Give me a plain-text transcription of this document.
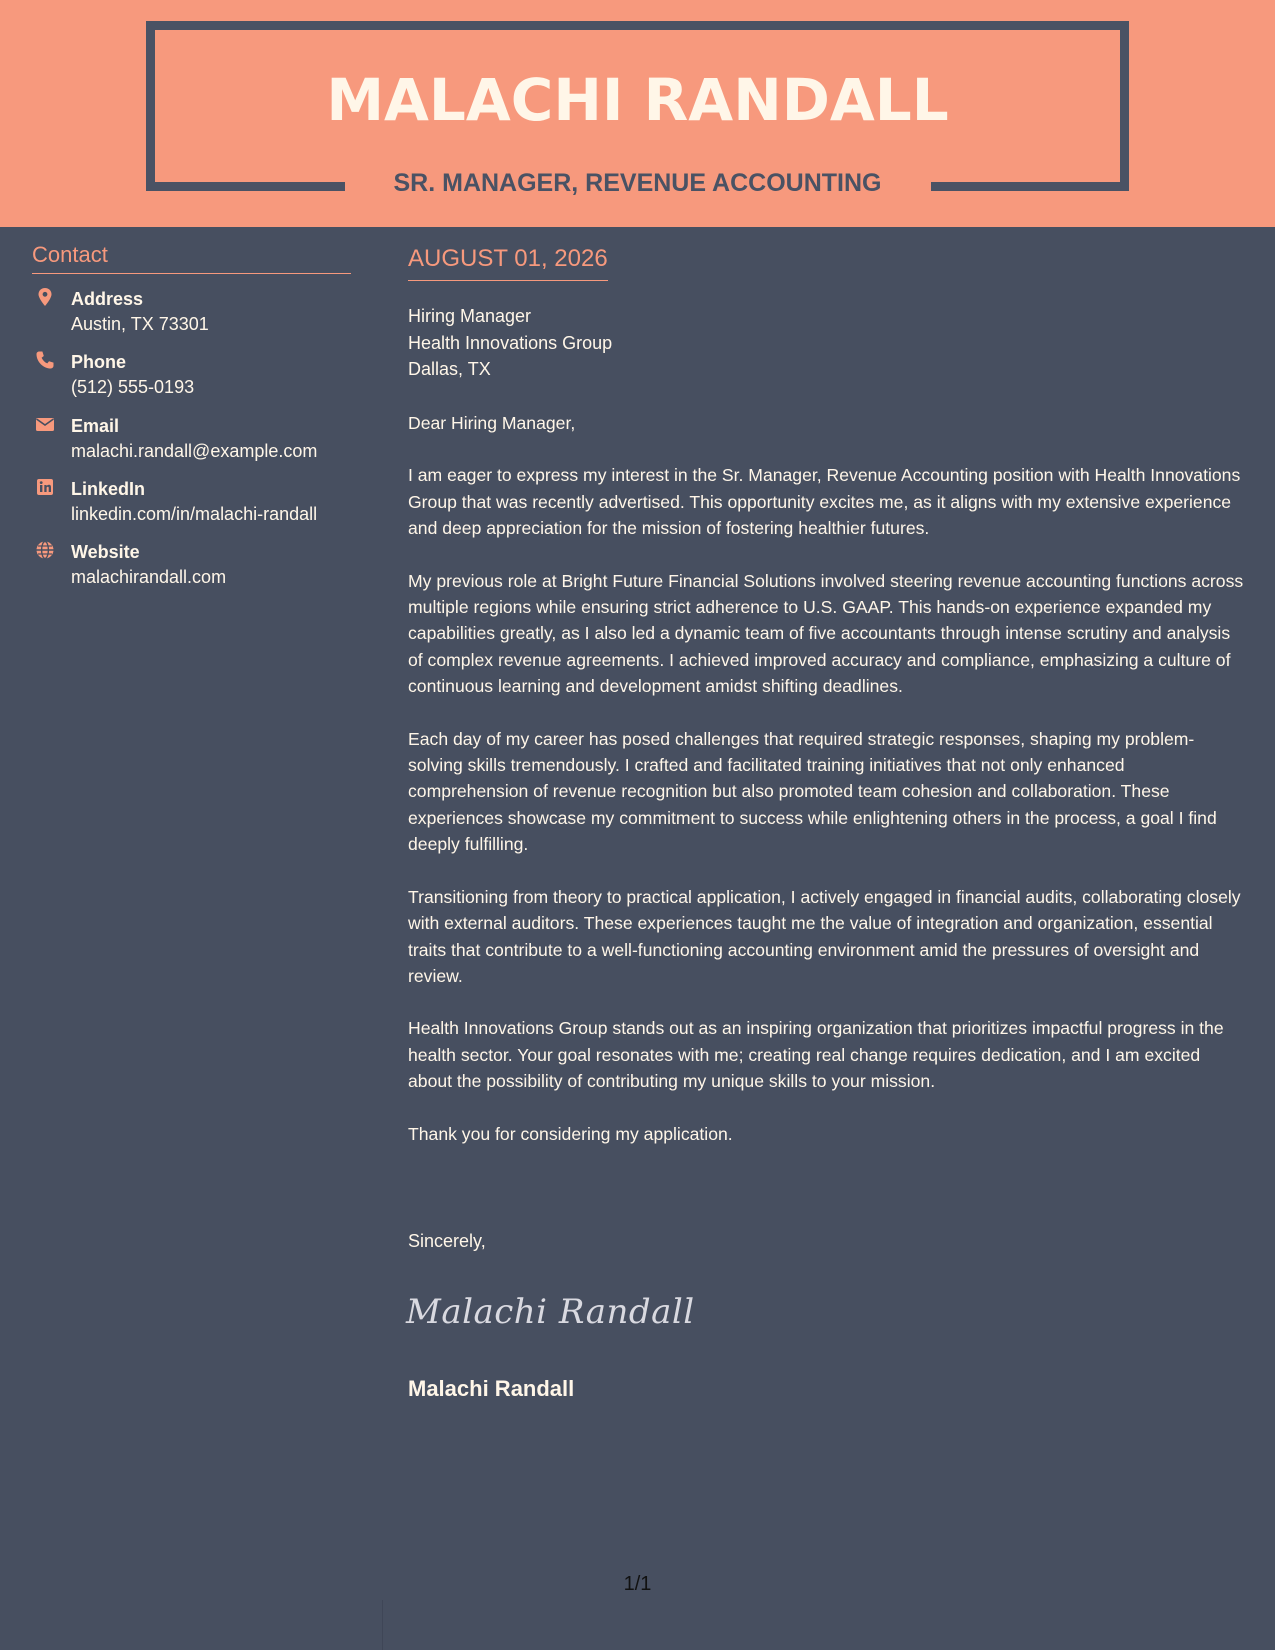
MALACHI RANDALL
SR. MANAGER, REVENUE ACCOUNTING
Contact
Address
Austin, TX 73301
Phone
(512) 555-0193
Email
malachi.randall@example.com
LinkedIn
linkedin.com/in/malachi-randall
Website
malachirandall.com
AUGUST 01, 2026
Hiring Manager
Health Innovations Group
Dallas, TX

Dear Hiring Manager,

I am eager to express my interest in the Sr. Manager, Revenue Accounting position with Health Innovations Group that was recently advertised. This opportunity excites me, as it aligns with my extensive experience and deep appreciation for the mission of fostering healthier futures.

My previous role at Bright Future Financial Solutions involved steering revenue accounting functions across multiple regions while ensuring strict adherence to U.S. GAAP. This hands-on experience expanded my capabilities greatly, as I also led a dynamic team of five accountants through intense scrutiny and analysis of complex revenue agreements. I achieved improved accuracy and compliance, emphasizing a culture of continuous learning and development amidst shifting deadlines.

Each day of my career has posed challenges that required strategic responses, shaping my problem-solving skills tremendously. I crafted and facilitated training initiatives that not only enhanced comprehension of revenue recognition but also promoted team cohesion and collaboration. These experiences showcase my commitment to success while enlightening others in the process, a goal I find deeply fulfilling.

Transitioning from theory to practical application, I actively engaged in financial audits, collaborating closely with external auditors. These experiences taught me the value of integration and organization, essential traits that contribute to a well-functioning accounting environment amid the pressures of oversight and review.

Health Innovations Group stands out as an inspiring organization that prioritizes impactful progress in the health sector. Your goal resonates with me; creating real change requires dedication, and I am excited about the possibility of contributing my unique skills to your mission.

Thank you for considering my application.

Sincerely,
Malachi Randall
Malachi Randall
1/1
